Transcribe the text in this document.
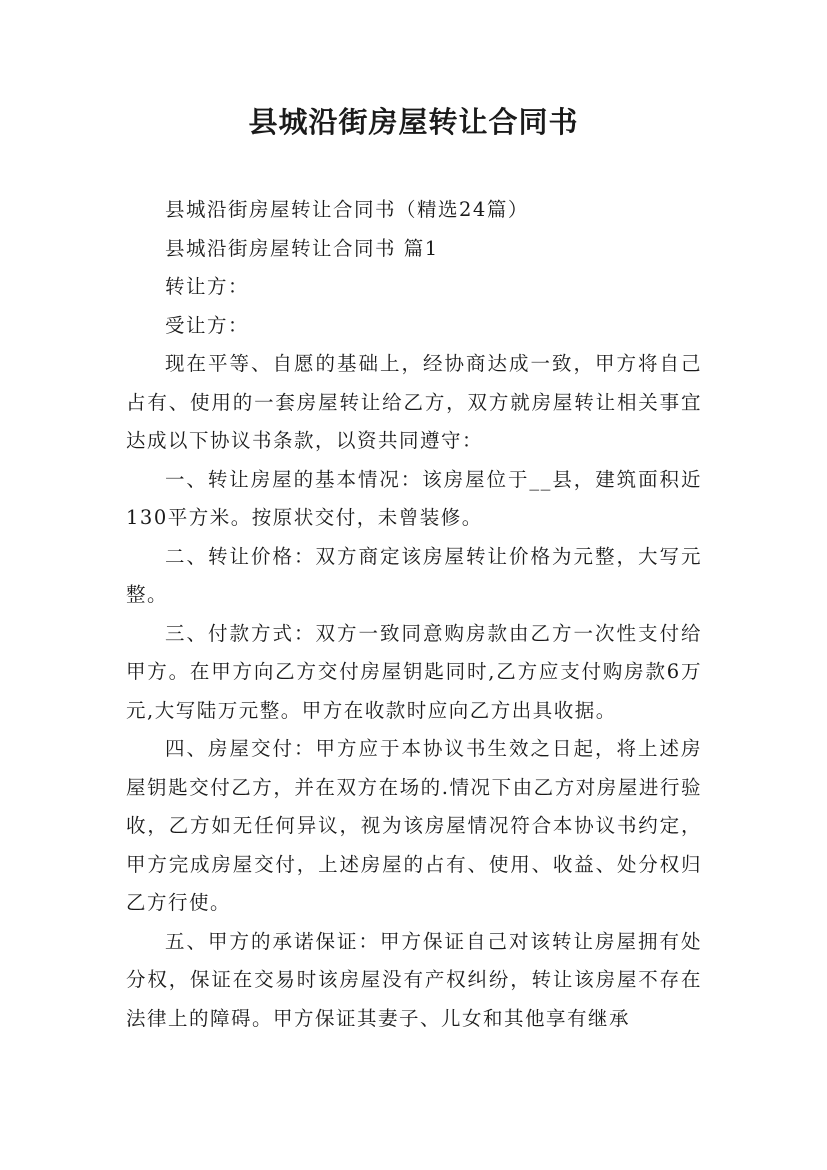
县城沿街房屋转让合同书

县城沿街房屋转让合同书（精选24篇）

县城沿街房屋转让合同书 篇1

转让方：

受让方：

现在平等、自愿的基础上，经协商达成一致，甲方将自己占有、使用的一套房屋转让给乙方，双方就房屋转让相关事宜达成以下协议书条款，以资共同遵守：

一、转让房屋的基本情况：该房屋位于__县，建筑面积近130平方米。按原状交付，未曾装修。

二、转让价格：双方商定该房屋转让价格为元整，大写元整。

三、付款方式：双方一致同意购房款由乙方一次性支付给甲方。在甲方向乙方交付房屋钥匙同时,乙方应支付购房款6万元,大写陆万元整。甲方在收款时应向乙方出具收据。

四、房屋交付：甲方应于本协议书生效之日起，将上述房屋钥匙交付乙方，并在双方在场的.情况下由乙方对房屋进行验收，乙方如无任何异议，视为该房屋情况符合本协议书约定，甲方完成房屋交付，上述房屋的占有、使用、收益、处分权归乙方行使。

五、甲方的承诺保证：甲方保证自己对该转让房屋拥有处分权，保证在交易时该房屋没有产权纠纷，转让该房屋不存在法律上的障碍。甲方保证其妻子、儿女和其他享有继承
